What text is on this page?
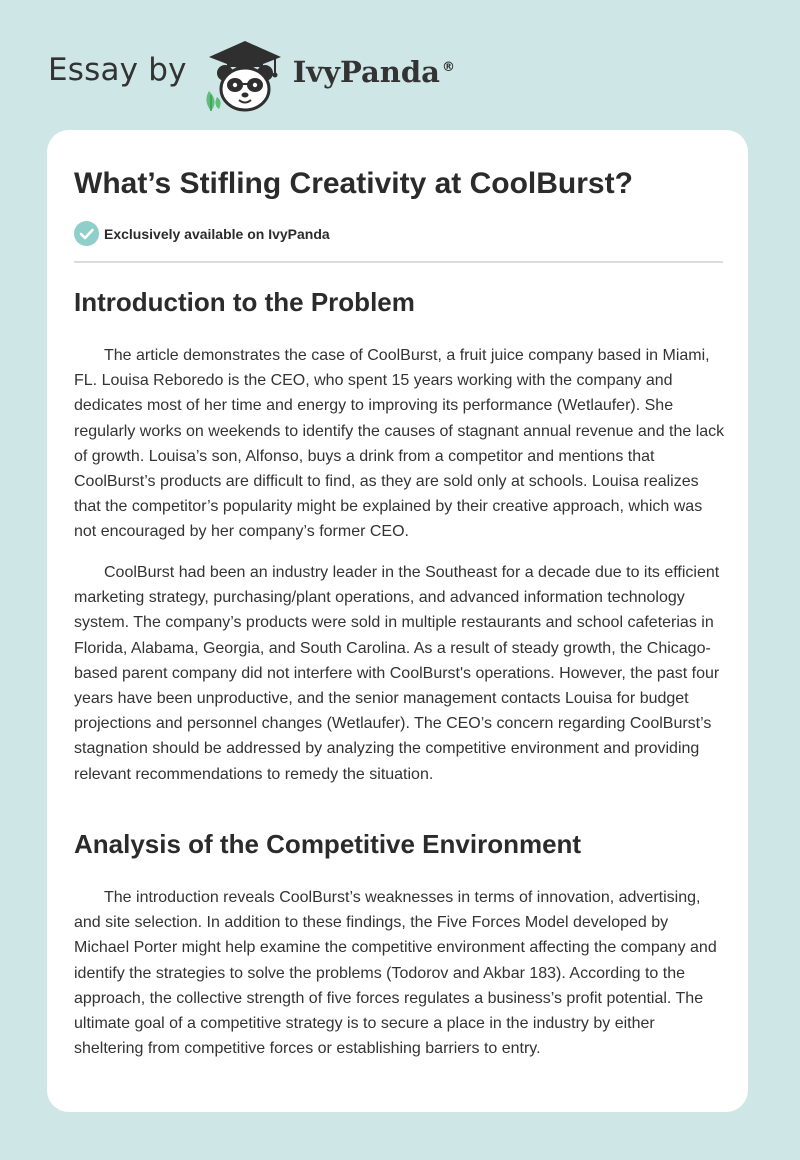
Essay by	IvyPanda ®
What’s Stifling Creativity at CoolBurst?
Exclusively available on IvyPanda
Introduction to the Problem

The article demonstrates the case of CoolBurst, a fruit juice company based in Miami, FL. Louisa Reboredo is the CEO, who spent 15 years working with the company and dedicates most of her time and energy to improving its performance (Wetlaufer). She regularly works on weekends to identify the causes of stagnant annual revenue and the lack of growth. Louisa’s son, Alfonso, buys a drink from a competitor and mentions that CoolBurst’s products are difficult to find, as they are sold only at schools. Louisa realizes that the competitor’s popularity might be explained by their creative approach, which was not encouraged by her company’s former CEO.

CoolBurst had been an industry leader in the Southeast for a decade due to its efficient marketing strategy, purchasing/plant operations, and advanced information technology system. The company’s products were sold in multiple restaurants and school cafeterias in Florida, Alabama, Georgia, and South Carolina. As a result of steady growth, the Chicago-based parent company did not interfere with CoolBurst's operations. However, the past four years have been unproductive, and the senior management contacts Louisa for budget projections and personnel changes (Wetlaufer). The CEO’s concern regarding CoolBurst’s stagnation should be addressed by analyzing the competitive environment and providing relevant recommendations to remedy the situation.

Analysis of the Competitive Environment

The introduction reveals CoolBurst’s weaknesses in terms of innovation, advertising, and site selection. In addition to these findings, the Five Forces Model developed by Michael Porter might help examine the competitive environment affecting the company and identify the strategies to solve the problems (Todorov and Akbar 183). According to the approach, the collective strength of five forces regulates a business’s profit potential. The ultimate goal of a competitive strategy is to secure a place in the industry by either sheltering from competitive forces or establishing barriers to entry.
